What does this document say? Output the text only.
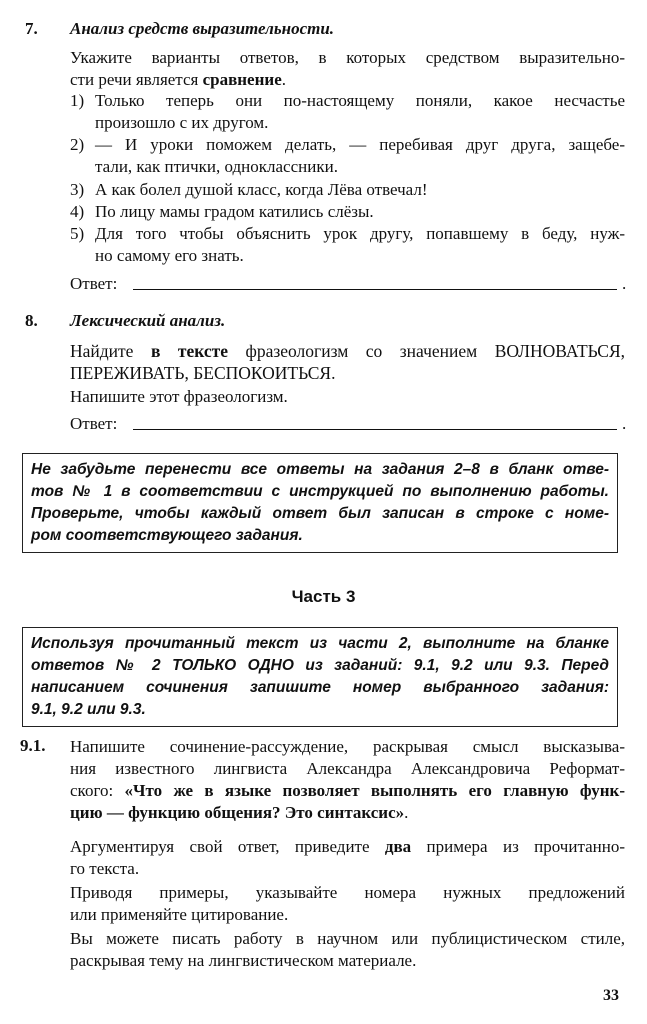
7. Анализ средств выразительности.
Укажите варианты ответов, в которых средством выразительно-
сти речи является сравнение.
1) Только теперь они по-настоящему поняли, какое несчастье
произошло с их другом.
2) — И уроки поможем делать, — перебивая друг друга, защебе-
тали, как птички, одноклассники.
3) А как болел душой класс, когда Лёва отвечал!
4) По лицу мамы градом катились слёзы.
5) Для того чтобы объяснить урок другу, попавшему в беду, нуж-
но самому его знать.
Ответ:	.
8. Лексический анализ.
Найдите в тексте фразеологизм со значением ВОЛНОВАТЬСЯ,
ПЕРЕЖИВАТЬ, БЕСПОКОИТЬСЯ.
Напишите этот фразеологизм.
Ответ:	.
Не забудьте перенести все ответы на задания 2–8 в бланк отве-
тов № 1 в соответствии с инструкцией по выполнению работы.
Проверьте, чтобы каждый ответ был записан в строке с номе-
ром соответствующего задания.
Часть 3
Используя прочитанный текст из части 2, выполните на бланке
ответов № 2 ТОЛЬКО ОДНО из заданий: 9.1, 9.2 или 9.3. Перед
написанием сочинения запишите номер выбранного задания:
9.1, 9.2 или 9.3.
9.1. Напишите сочинение-рассуждение, раскрывая смысл высказыва-
ния известного лингвиста Александра Александровича Реформат-
ского: «Что же в языке позволяет выполнять его главную функ-
цию — функцию общения? Это синтаксис».
Аргументируя свой ответ, приведите два примера из прочитанно-
го текста.
Приводя примеры, указывайте номера нужных предложений
или применяйте цитирование.
Вы можете писать работу в научном или публицистическом стиле,
раскрывая тему на лингвистическом материале.
33
